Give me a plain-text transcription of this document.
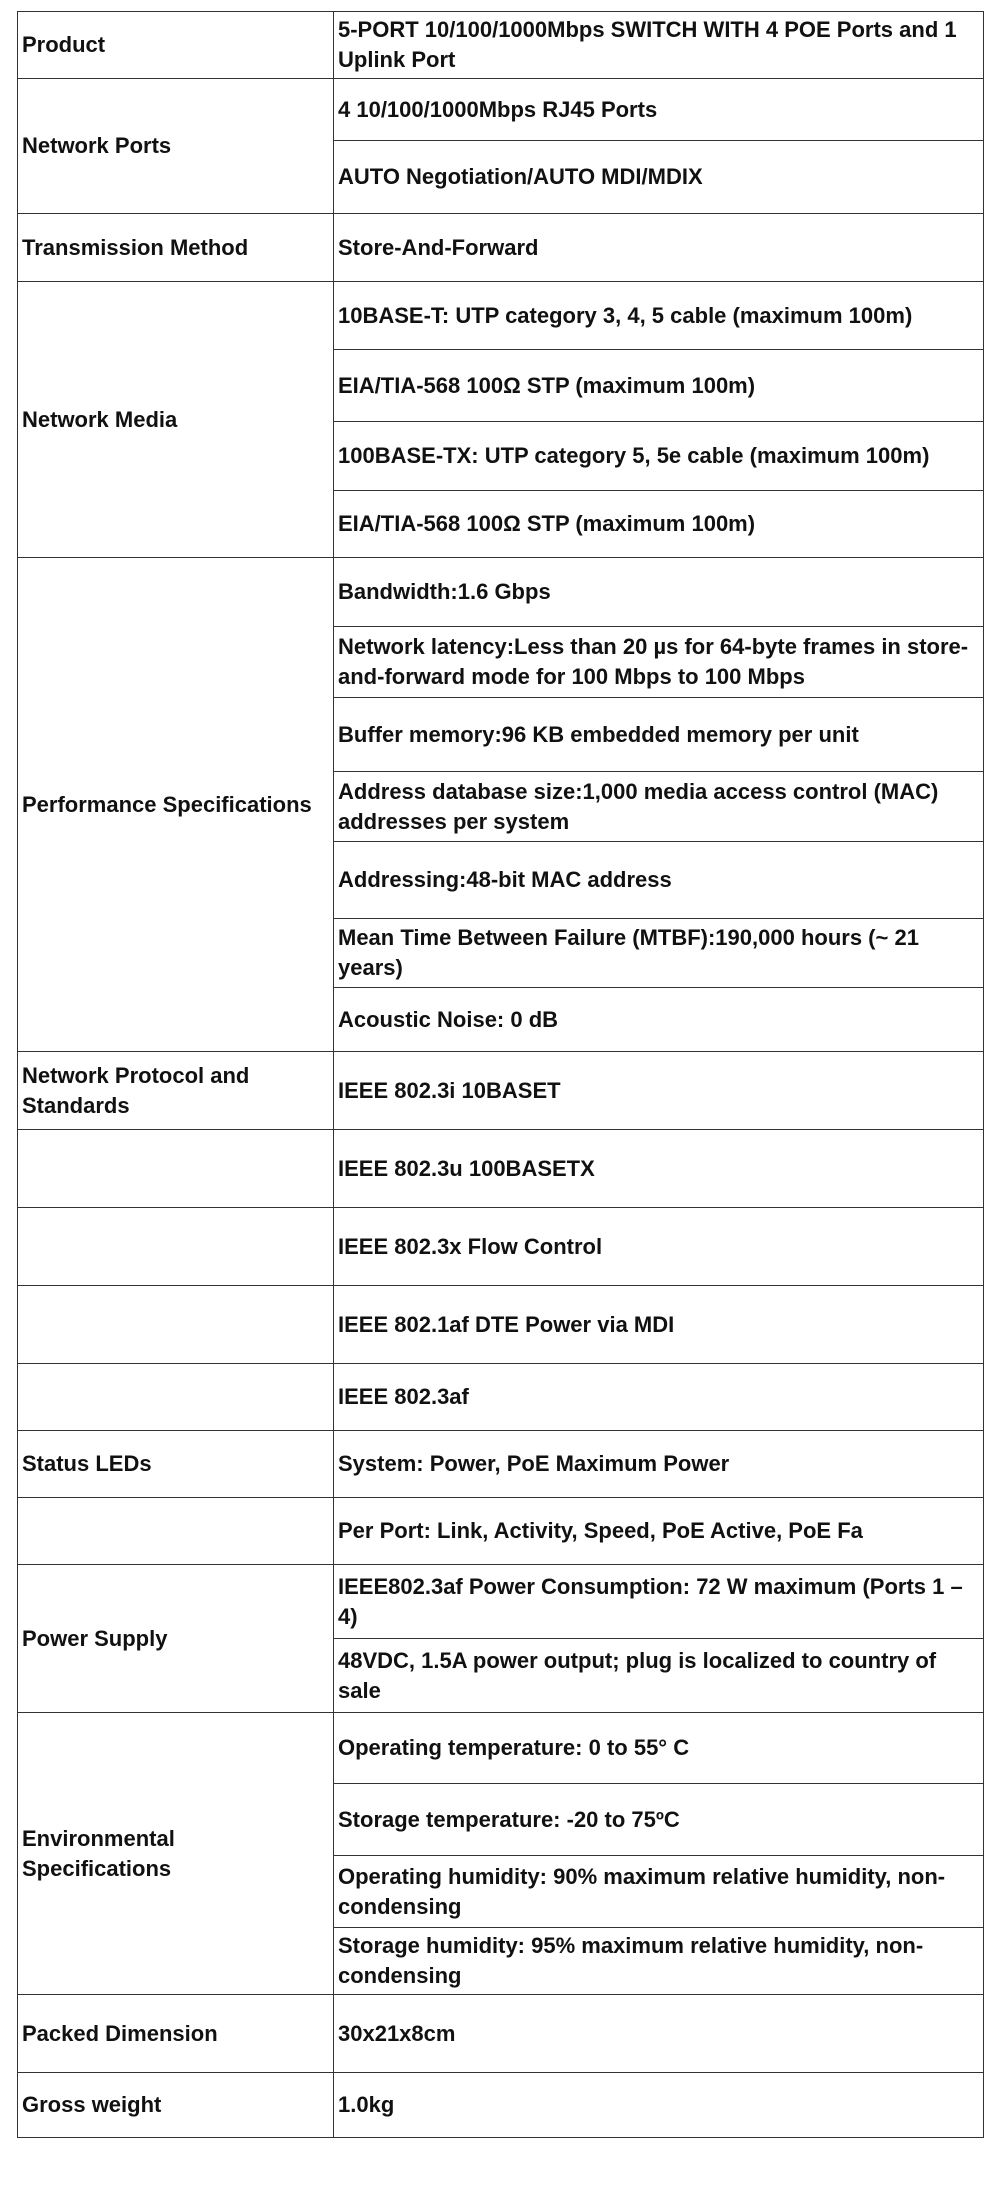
Product	5-PORT 10/100/1000Mbps SWITCH WITH 4 POE Ports and 1 Uplink Port
Network Ports	4 10/100/1000Mbps RJ45 Ports
	AUTO Negotiation/AUTO MDI/MDIX
Transmission Method	Store-And-Forward
Network Media	10BASE-T: UTP category 3, 4, 5 cable (maximum 100m)
	EIA/TIA-568 100Ω STP (maximum 100m)
	100BASE-TX: UTP category 5, 5e cable (maximum 100m)
	EIA/TIA-568 100Ω STP (maximum 100m)
Performance Specifications	Bandwidth:1.6 Gbps
	Network latency:Less than 20 µs for 64-byte frames in store-and-forward mode for 100 Mbps to 100 Mbps
	Buffer memory:96 KB embedded memory per unit
	Address database size:1,000 media access control (MAC) addresses per system
	Addressing:48-bit MAC address
	Mean Time Between Failure (MTBF):190,000 hours (~ 21 years)
	Acoustic Noise: 0 dB
Network Protocol and Standards	IEEE 802.3i 10BASET
	IEEE 802.3u 100BASETX
	IEEE 802.3x Flow Control
	IEEE 802.1af DTE Power via MDI
	IEEE 802.3af
Status LEDs	System: Power, PoE Maximum Power
	Per Port: Link, Activity, Speed, PoE Active, PoE Fa
Power Supply	IEEE802.3af Power Consumption: 72 W maximum (Ports 1 – 4)
	48VDC, 1.5A power output; plug is localized to country of sale
Environmental Specifications	Operating temperature: 0 to 55° C
	Storage temperature: -20 to 75ºC
	Operating humidity: 90% maximum relative humidity, non-condensing
	Storage humidity: 95% maximum relative humidity, non-condensing
Packed Dimension	30x21x8cm
Gross weight	1.0kg
